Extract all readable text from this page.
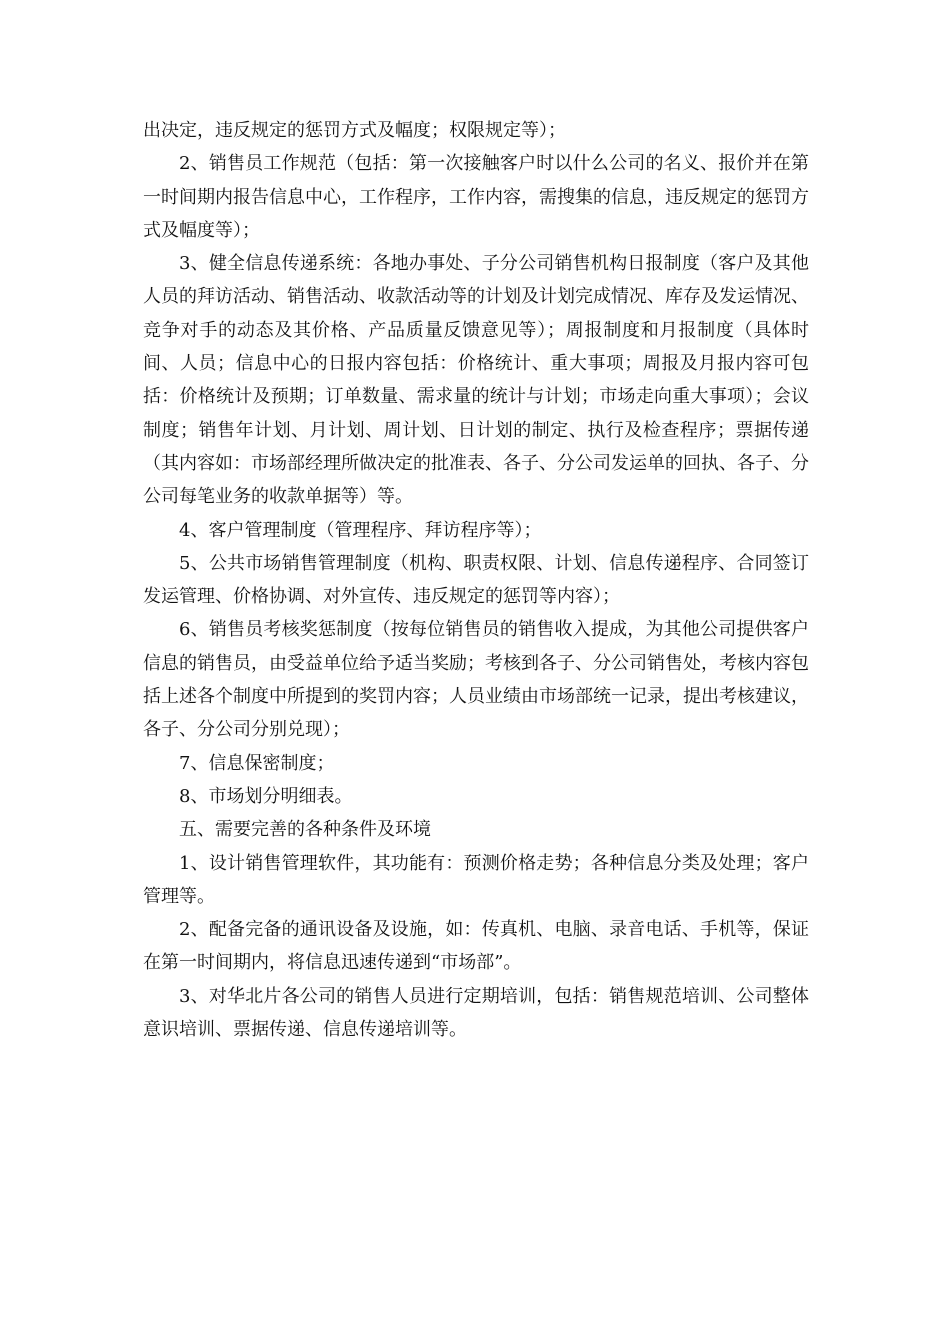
出决定，违反规定的惩罚方式及幅度；权限规定等）；

2、销售员工作规范（包括：第一次接触客户时以什么公司的名义、报价并在第一时间期内报告信息中心，工作程序，工作内容，需搜集的信息，违反规定的惩罚方式及幅度等）；

3、健全信息传递系统：各地办事处、子分公司销售机构日报制度（客户及其他人员的拜访活动、销售活动、收款活动等的计划及计划完成情况、库存及发运情况、竞争对手的动态及其价格、产品质量反馈意见等）；周报制度和月报制度（具体时间、人员；信息中心的日报内容包括：价格统计、重大事项；周报及月报内容可包括：价格统计及预期；订单数量、需求量的统计与计划；市场走向重大事项）；会议制度；销售年计划、月计划、周计划、日计划的制定、执行及检查程序；票据传递（其内容如：市场部经理所做决定的批准表、各子、分公司发运单的回执、各子、分公司每笔业务的收款单据等）等。

4、客户管理制度（管理程序、拜访程序等）；

5、公共市场销售管理制度（机构、职责权限、计划、信息传递程序、合同签订发运管理、价格协调、对外宣传、违反规定的惩罚等内容）；

6、销售员考核奖惩制度（按每位销售员的销售收入提成，为其他公司提供客户信息的销售员，由受益单位给予适当奖励；考核到各子、分公司销售处，考核内容包括上述各个制度中所提到的奖罚内容；人员业绩由市场部统一记录，提出考核建议，各子、分公司分别兑现）；

7、信息保密制度；

8、市场划分明细表。

五、需要完善的各种条件及环境

1、设计销售管理软件，其功能有：预测价格走势；各种信息分类及处理；客户管理等。

2、配备完备的通讯设备及设施，如：传真机、电脑、录音电话、手机等，保证在第一时间期内，将信息迅速传递到“市场部”。

3、对华北片各公司的销售人员进行定期培训，包括：销售规范培训、公司整体意识培训、票据传递、信息传递培训等。
